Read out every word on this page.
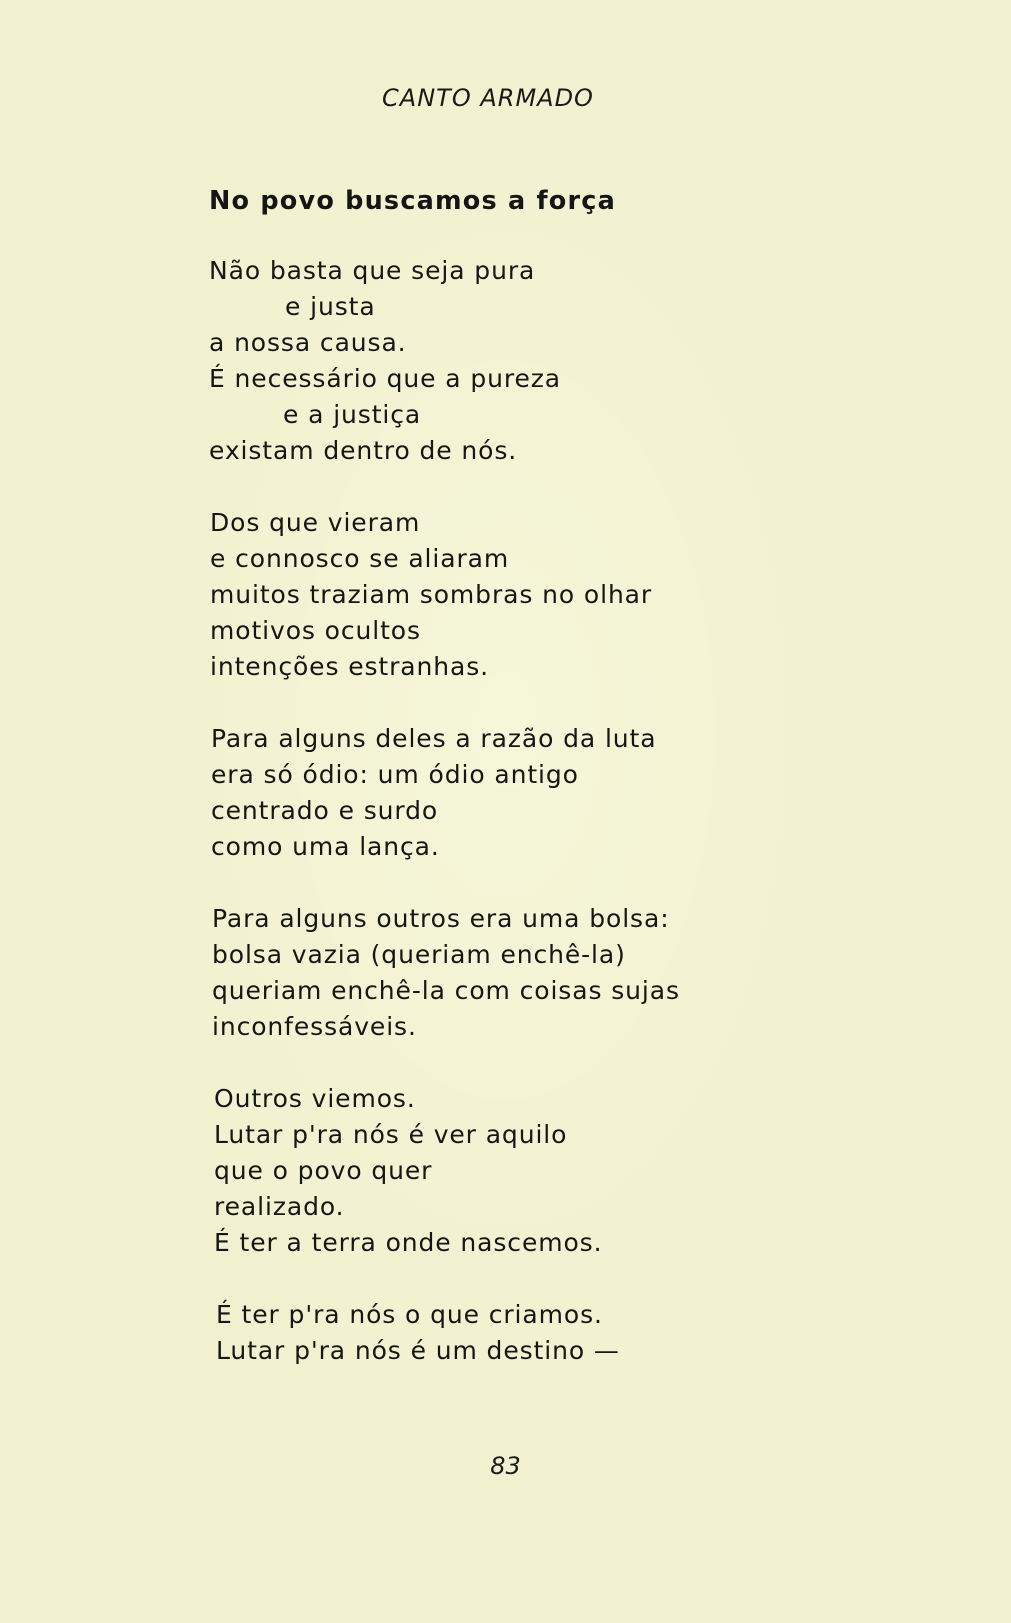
CANTO ARMADO
No povo buscamos a força
Não basta que seja pura
e justa
a nossa causa.
É necessário que a pureza
e a justiça
existam dentro de nós.
Dos que vieram
e connosco se aliaram
muitos traziam sombras no olhar
motivos ocultos
intenções estranhas.
Para alguns deles a razão da luta
era só ódio: um ódio antigo
centrado e surdo
como uma lança.
Para alguns outros era uma bolsa:
bolsa vazia (queriam enchê-la)
queriam enchê-la com coisas sujas
inconfessáveis.
Outros viemos.
Lutar p'ra nós é ver aquilo
que o povo quer
realizado.
É ter a terra onde nascemos.
É ter p'ra nós o que criamos.
Lutar p'ra nós é um destino —
83
